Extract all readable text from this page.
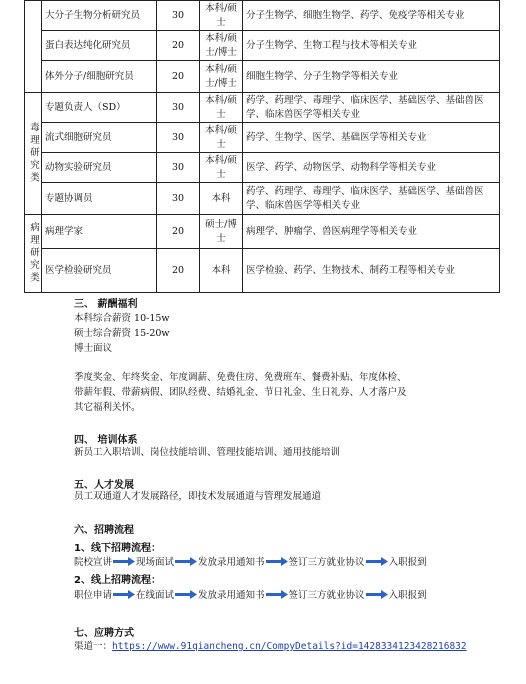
	大分子生物分析研究员	30	本科/硕士	分子生物学、细胞生物学、药学、免疫学等相关专业
	蛋白表达纯化研究员	20	本科/硕士/博士	分子生物学、生物工程与技术等相关专业
	体外分子/细胞研究员	20	本科/硕士/博士	细胞生物学、分子生物学等相关专业

毒理研究类	专题负责人（SD）	30	本科/硕士	药学、药理学、毒理学、临床医学、基础医学、基础兽医学、临床兽医学等相关专业
	流式细胞研究员	30	本科/硕士	药学、生物学、医学、基础医学等相关专业
	动物实验研究员	30	本科/硕士	医学、药学、动物医学、动物科学等相关专业
	专题协调员	30	本科	药学、药理学、毒理学、临床医学、基础医学、基础兽医学、临床兽医学等相关专业

病理研究类	病理学家	20	硕士/博士	病理学、肿瘤学、兽医病理学等相关专业
	医学检验研究员	20	本科	医学检验、药学、生物技术、制药工程等相关专业
三、 薪酬福利
本科综合薪资 10-15w
硕士综合薪资 15-20w
博士面议
季度奖金、年终奖金、年度调薪、免费住房、免费班车、餐费补贴、年度体检、
带薪年假、带薪病假、团队经费、结婚礼金、节日礼金、生日礼券、人才落户及
其它福利关怀。
四、 培训体系
新员工入职培训、岗位技能培训、管理技能培训、通用技能培训
五、人才发展
员工双通道人才发展路径，即技术发展通道与管理发展通道
六、招聘流程
1、线下招聘流程：
院校宣讲	现场面试	发放录用通知书	签订三方就业协议	入职报到
2、线上招聘流程：
职位申请	在线面试	发放录用通知书	签订三方就业协议	入职报到
七、应聘方式
渠道一：https://www.91qiancheng.cn/CompyDetails?id=1428334123428216832
